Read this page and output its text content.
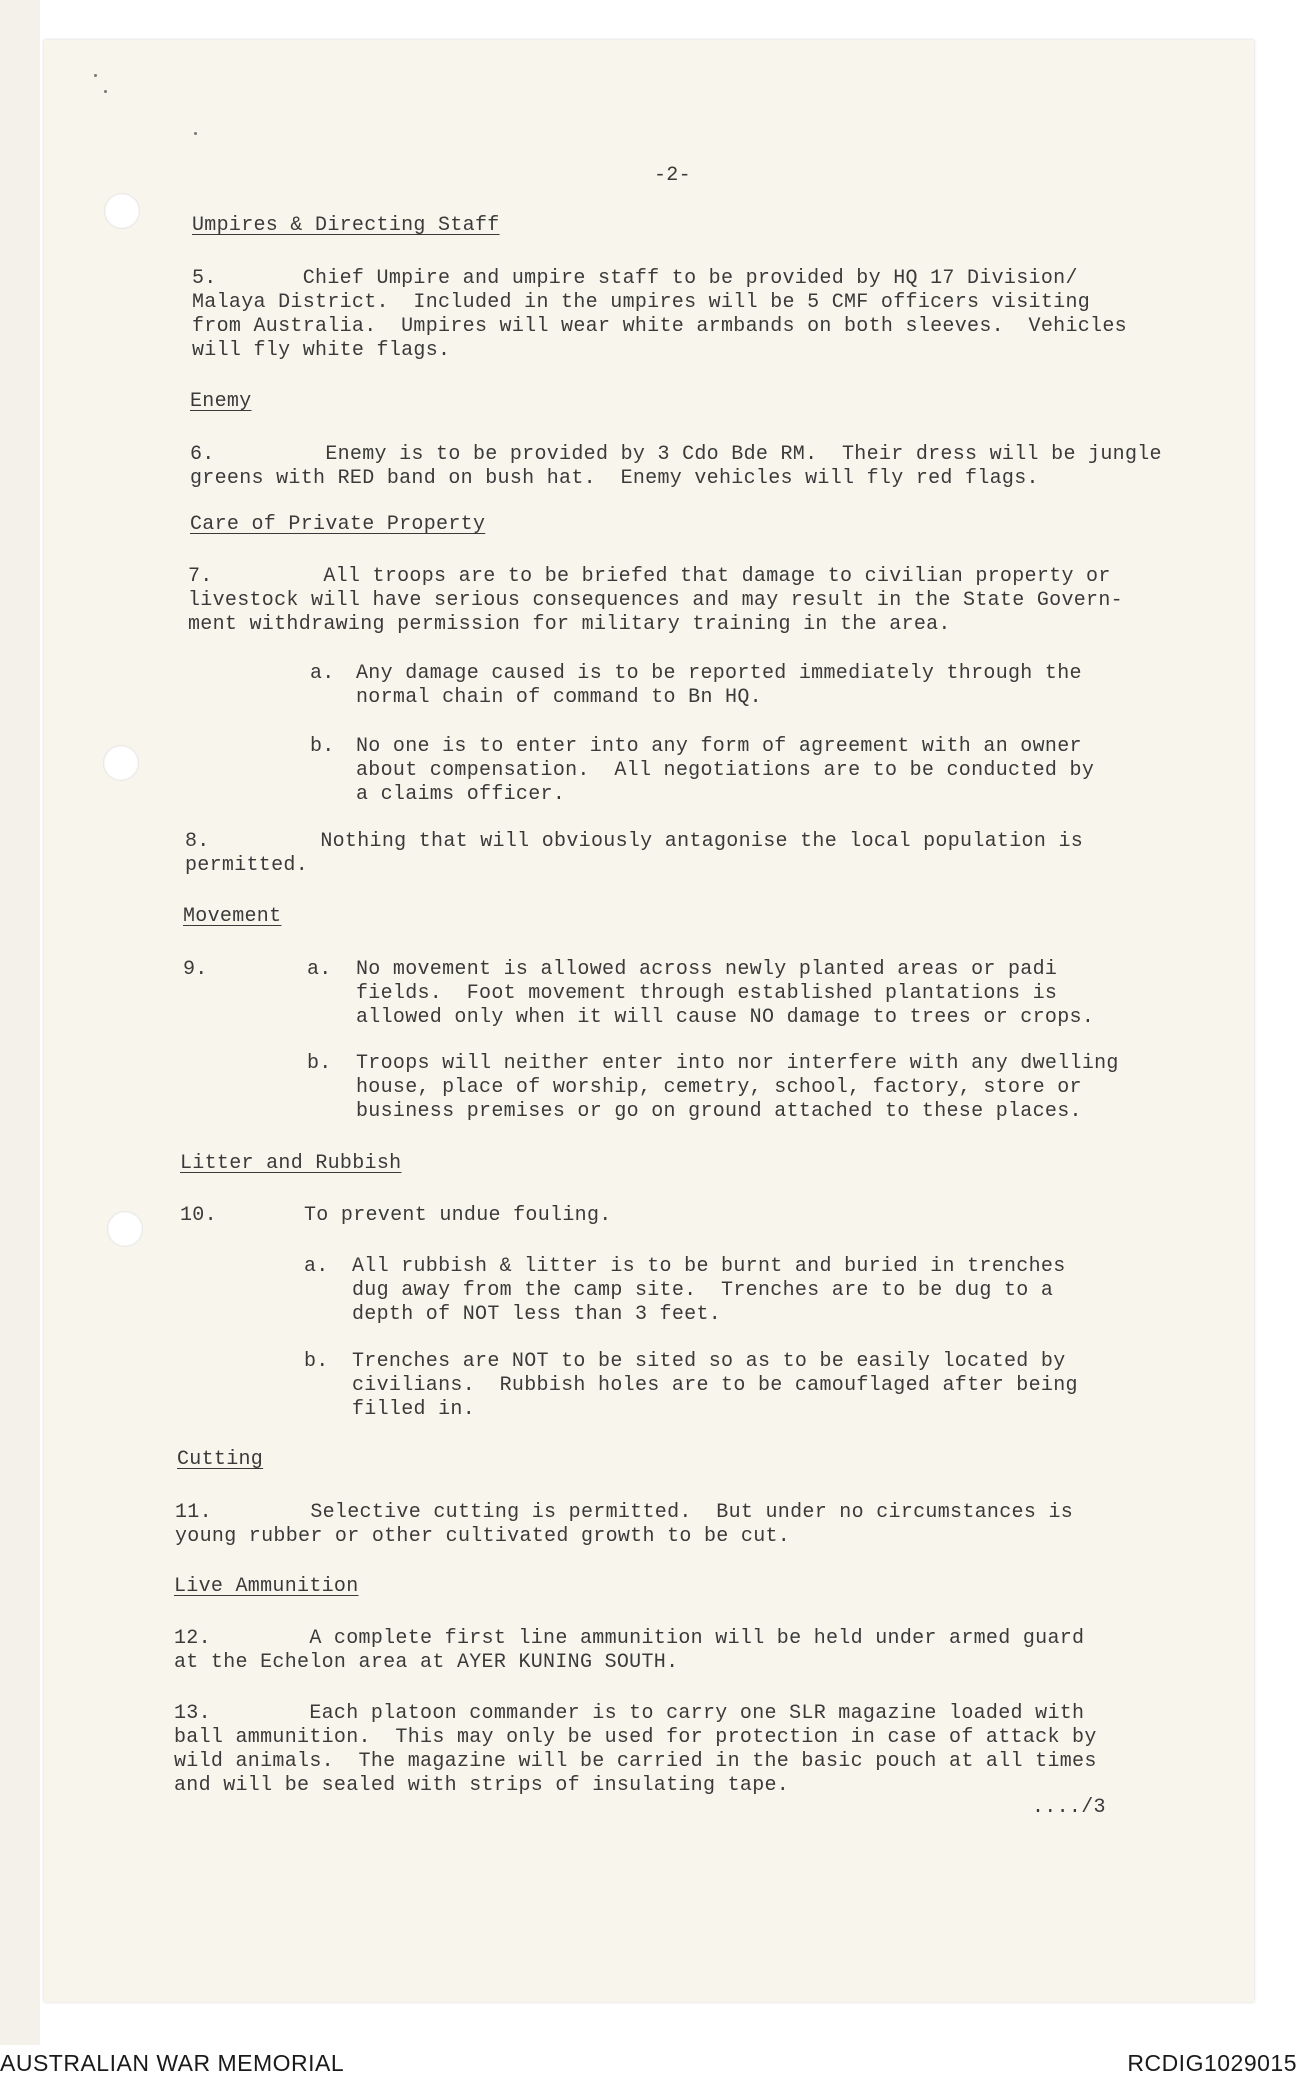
-2-
Umpires & Directing Staff
5.       Chief Umpire and umpire staff to be provided by HQ 17 Division/
Malaya District.  Included in the umpires will be 5 CMF officers visiting
from Australia.  Umpires will wear white armbands on both sleeves.  Vehicles
will fly white flags.
Enemy
6.         Enemy is to be provided by 3 Cdo Bde RM.  Their dress will be jungle
greens with RED band on bush hat.  Enemy vehicles will fly red flags.
Care of Private Property
7.         All troops are to be briefed that damage to civilian property or
livestock will have serious consequences and may result in the State Govern-
ment withdrawing permission for military training in the area.
a. Any damage caused is to be reported immediately through the
normal chain of command to Bn HQ.
b. No one is to enter into any form of agreement with an owner
about compensation.  All negotiations are to be conducted by
a claims officer.
8.         Nothing that will obviously antagonise the local population is
permitted.
Movement
9.	a. No movement is allowed across newly planted areas or padi
fields.  Foot movement through established plantations is
allowed only when it will cause NO damage to trees or crops.
b. Troops will neither enter into nor interfere with any dwelling
house, place of worship, cemetry, school, factory, store or
business premises or go on ground attached to these places.
Litter and Rubbish
10.	To prevent undue fouling.
a. All rubbish & litter is to be burnt and buried in trenches
dug away from the camp site.  Trenches are to be dug to a
depth of NOT less than 3 feet.
b. Trenches are NOT to be sited so as to be easily located by
civilians.  Rubbish holes are to be camouflaged after being
filled in.
Cutting
11.        Selective cutting is permitted.  But under no circumstances is
young rubber or other cultivated growth to be cut.
Live Ammunition
12.        A complete first line ammunition will be held under armed guard
at the Echelon area at AYER KUNING SOUTH.
13.        Each platoon commander is to carry one SLR magazine loaded with
ball ammunition.  This may only be used for protection in case of attack by
wild animals.  The magazine will be carried in the basic pouch at all times
and will be sealed with strips of insulating tape.
..../3
AUSTRALIAN WAR MEMORIAL	RCDIG1029015
